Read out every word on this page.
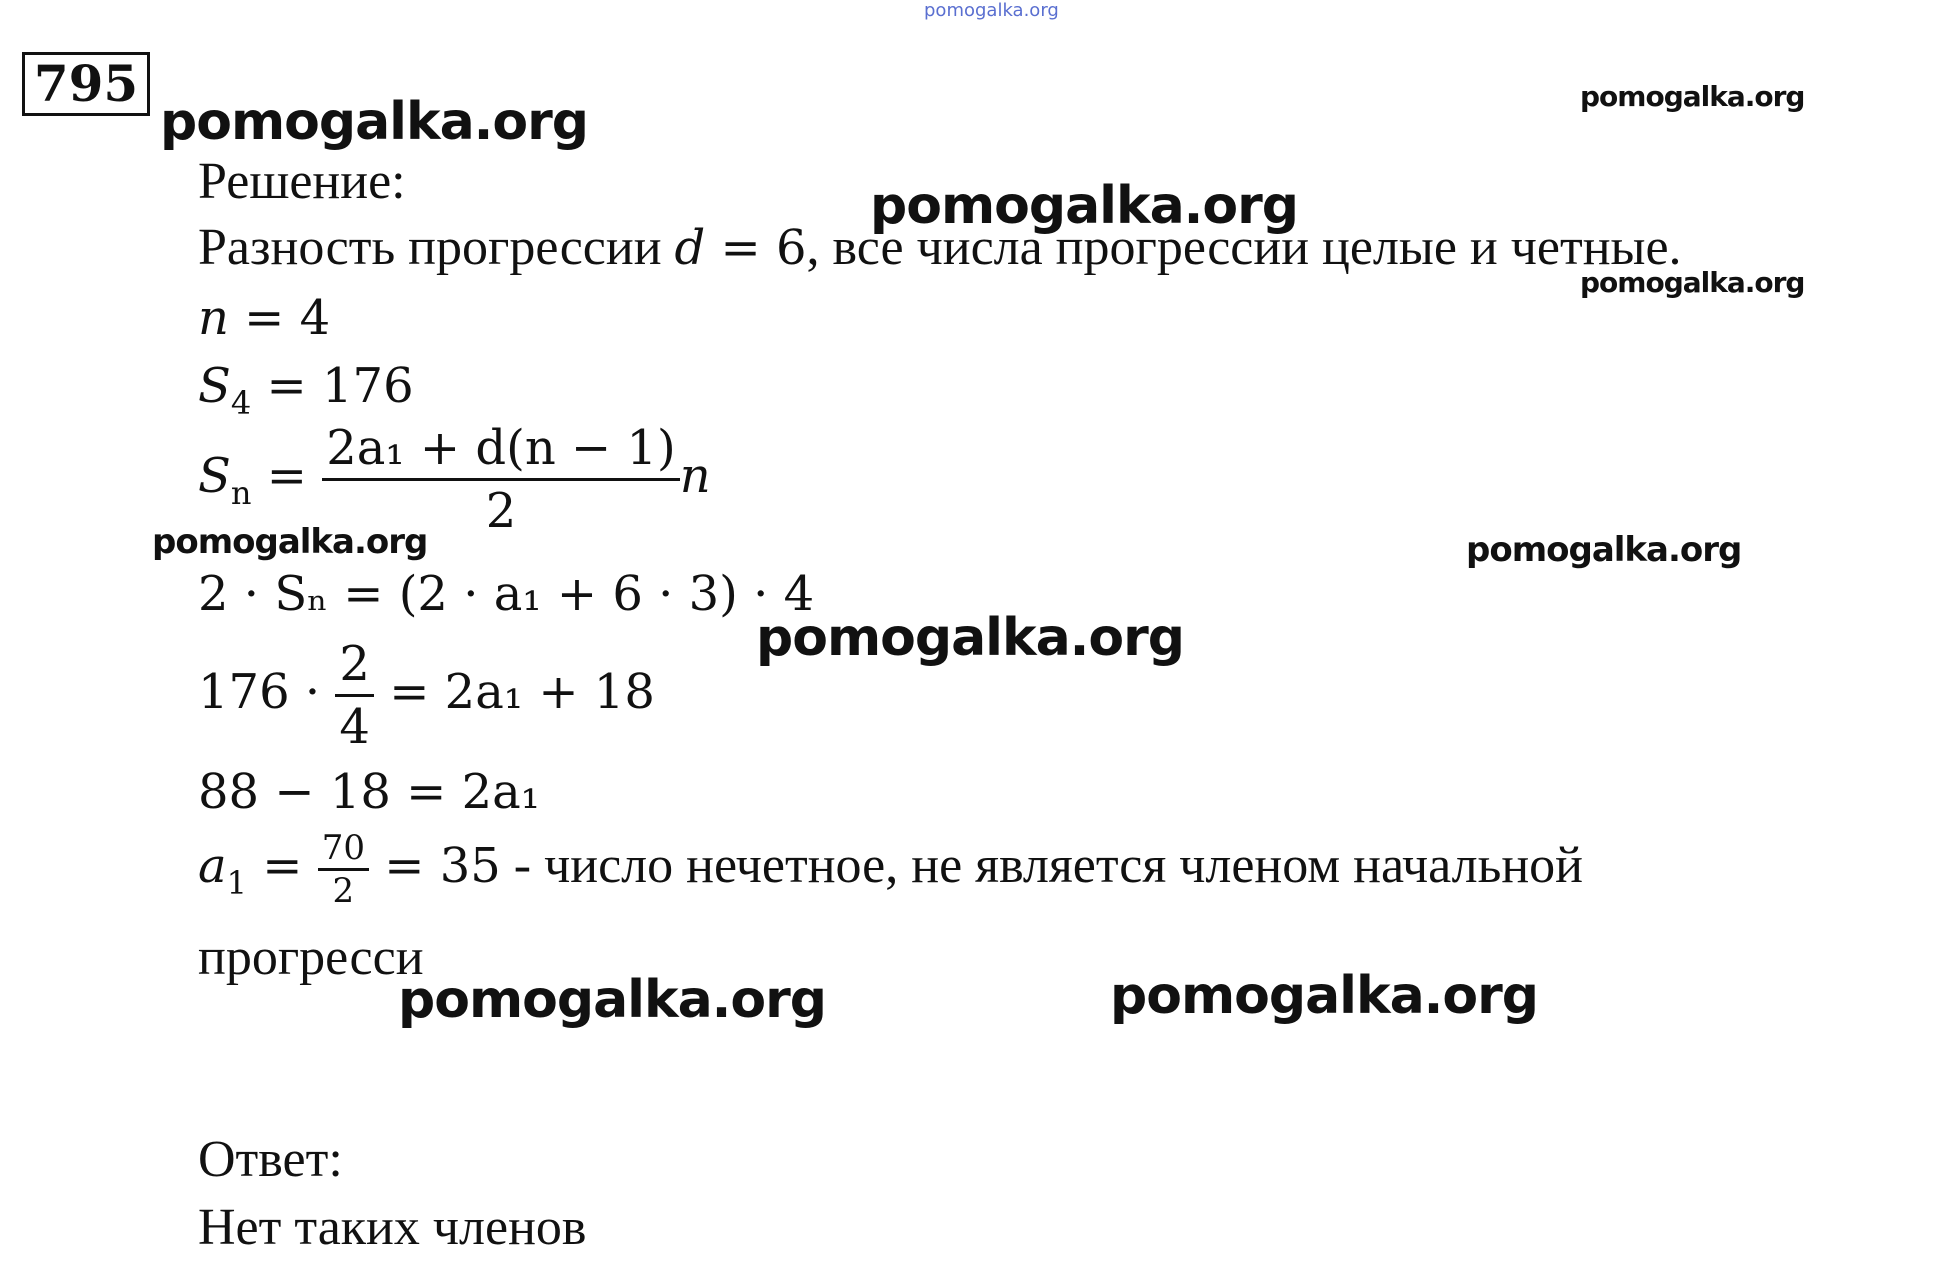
pomogalka.org
795
pomogalka.org	pomogalka.org
Решение:
Разность прогрессии d = 6, все числа прогрессии целые и четные.
pomogalka.org
pomogalka.org
n = 4
$S_4 = 176$
$S_n = \frac{\text{2a₁ + d(n − 1)}}{2}$ n
pomogalka.org	pomogalka.org
2 · Sₙ = (2 · a₁ + 6 · 3) · 4
pomogalka.org
$176 \cdot \frac{2}{4} = 2a_1 + 18$
88 − 18 = 2a₁
$a_1 = \frac{70}{2} = 35$ - число нечетное, не является членом начальной
прогресси
pomogalka.org	pomogalka.org
Ответ:
Нет таких членов
